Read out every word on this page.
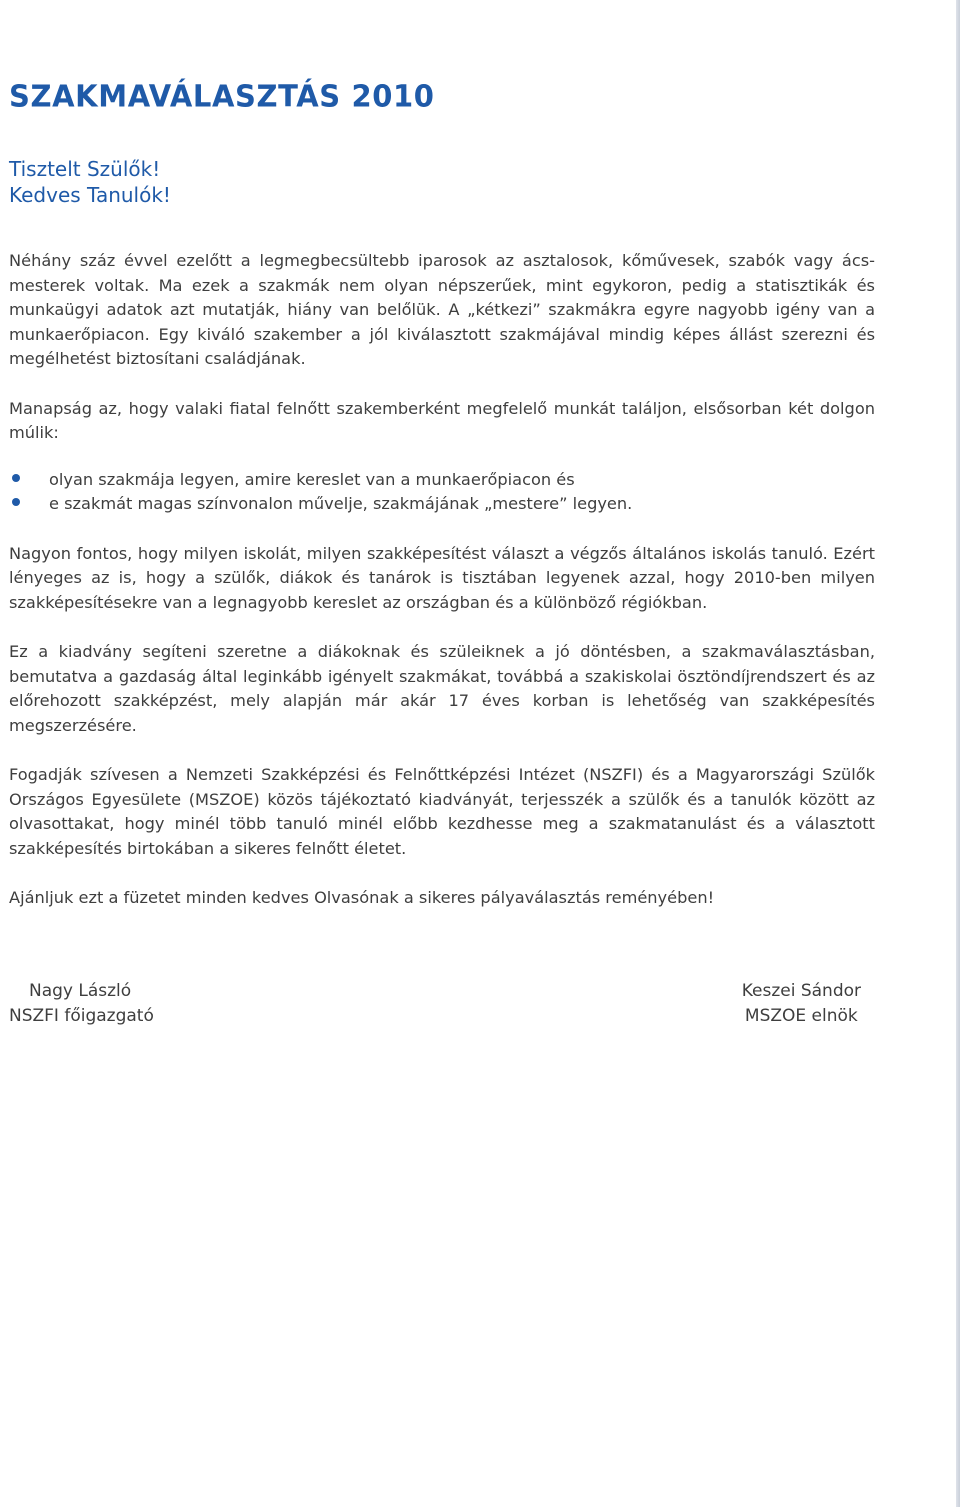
SZAKMAVÁLASZTÁS 2010
Tisztelt Szülők!
Kedves Tanulók!

Néhány száz évvel ezelőtt a legmegbecsültebb iparosok az asztalosok, kőművesek, szabók vagy ács-mesterek voltak. Ma ezek a szakmák nem olyan népszerűek, mint egykoron, pedig a statisztikák és munkaügyi adatok azt mutatják, hiány van belőlük. A „kétkezi” szakmákra egyre nagyobb igény van a munkaerőpiacon. Egy kiváló szakember a jól kiválasztott szakmájával mindig képes állást szerezni és megélhetést biztosítani családjának.

Manapság az, hogy valaki fiatal felnőtt szakemberként megfelelő munkát találjon, elsősorban két dolgon múlik:

olyan szakmája legyen, amire kereslet van a munkaerőpiacon és
e szakmát magas színvonalon művelje, szakmájának „mestere” legyen.

Nagyon fontos, hogy milyen iskolát, milyen szakképesítést választ a végzős általános iskolás tanuló. Ezért lényeges az is, hogy a szülők, diákok és tanárok is tisztában legyenek azzal, hogy 2010-ben milyen szakképesítésekre van a legnagyobb kereslet az országban és a különböző régiókban.

Ez a kiadvány segíteni szeretne a diákoknak és szüleiknek a jó döntésben, a szakmaválasztásban, bemutatva a gazdaság által leginkább igényelt szakmákat, továbbá a szakiskolai ösztöndíjrendszert és az előrehozott szakképzést, mely alapján már akár 17 éves korban is lehetőség van szakképesítés megszerzésére.

Fogadják szívesen a Nemzeti Szakképzési és Felnőttképzési Intézet (NSZFI) és a Magyarországi Szülők Országos Egyesülete (MSZOE) közös tájékoztató kiadványát, terjesszék a szülők és a tanulók között az olvasottakat, hogy minél több tanuló minél előbb kezdhesse meg a szakmatanulást és a választott szakképesítés birtokában a sikeres felnőtt életet.

Ajánljuk ezt a füzetet minden kedves Olvasónak a sikeres pályaválasztás reményében!

Nagy László
NSZFI főigazgató
Keszei Sándor
MSZOE elnök
